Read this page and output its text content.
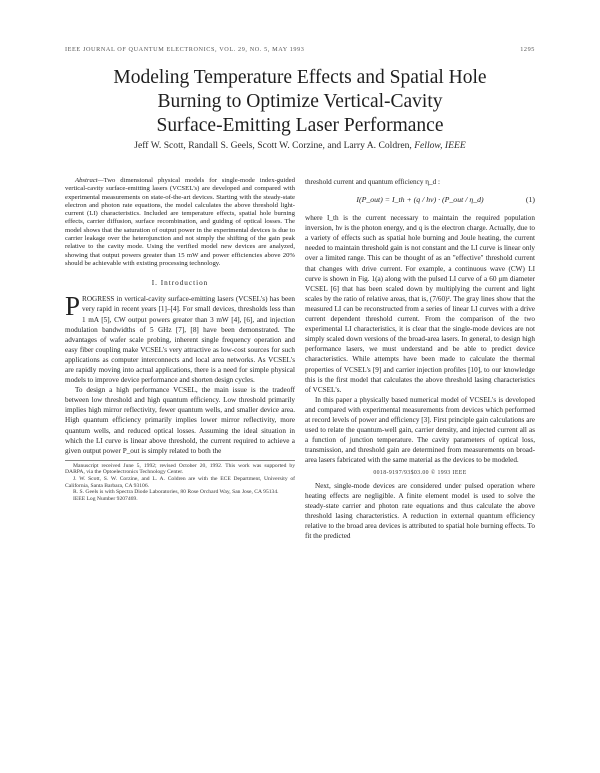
IEEE JOURNAL OF QUANTUM ELECTRONICS, VOL. 29, NO. 5, MAY 1993	1295
Modeling Temperature Effects and Spatial Hole
Burning to Optimize Vertical-Cavity
Surface-Emitting Laser Performance
Jeff W. Scott, Randall S. Geels, Scott W. Corzine, and Larry A. Coldren, Fellow, IEEE

Abstract—Two dimensional physical models for single-mode index-guided vertical-cavity surface-emitting lasers (VCSEL's) are developed and compared with experimental measurements on state-of-the-art devices. Starting with the steady-state electron and photon rate equations, the model calculates the above threshold light-current (LI) characteristics. Included are temperature effects, spatial hole burning effects, carrier diffusion, surface recombination, and guiding of optical losses. The model shows that the saturation of output power in the experimental devices is due to carrier leakage over the heterojunction and not simply the shifting of the gain peak relative to the cavity mode. Using the verified model new devices are analyzed, showing that output powers greater than 15 mW and power efficiencies above 20% should be achievable with existing processing technology.

I. Introduction

PROGRESS in vertical-cavity surface-emitting lasers (VCSEL's) has been very rapid in recent years [1]–[4]. For small devices, thresholds less than 1 mA [5], CW output powers greater than 3 mW [4], [6], and injection modulation bandwidths of 5 GHz [7], [8] have been demonstrated. The advantages of wafer scale probing, inherent single frequency operation and easy fiber coupling make VCSEL's very attractive as low-cost sources for such applications as computer interconnects and local area networks. As VCSEL's are rapidly moving into actual applications, there is a need for simple physical models to improve device performance and shorten design cycles.

To design a high performance VCSEL, the main issue is the tradeoff between low threshold and high quantum efficiency. Low threshold primarily implies high mirror reflectivity, fewer quantum wells, and smaller device area. High quantum efficiency primarily implies lower mirror reflectivity, more quantum wells, and reduced optical losses. Assuming the ideal situation in which the LI curve is linear above threshold, the current required to achieve a given output power P_out is simply related to both the

Manuscript received June 5, 1992; revised October 20, 1992. This work was supported by DARPA, via the Optoelectronics Technology Center.
J. W. Scott, S. W. Corzine, and L. A. Coldren are with the ECE Department, University of California, Santa Barbara, CA 93106.
R. S. Geels is with Spectra Diode Laboratories, 80 Rose Orchard Way, San Jose, CA 95134.
IEEE Log Number 9207469.

threshold current and quantum efficiency η_d :

I(P_out) = I_th + (q / hν) · (P_out / η_d)	(1)

where I_th is the current necessary to maintain the required population inversion, hν is the photon energy, and q is the electron charge. Actually, due to a variety of effects such as spatial hole burning and Joule heating, the current needed to maintain threshold gain is not constant and the LI curve is linear only over a limited range. This can be thought of as an "effective" threshold current that changes with drive current. For example, a continuous wave (CW) LI curve is shown in Fig. 1(a) along with the pulsed LI curve of a 60 μm diameter VCSEL [6] that has been scaled down by multiplying the current and light scales by the ratio of relative areas, that is, (7/60)². The gray lines show that the measured LI can be reconstructed from a series of linear LI curves with a drive current dependent threshold current. From the comparison of the two experimental LI characteristics, it is clear that the single-mode devices are not simply scaled down versions of the broad-area lasers. In general, to design high performance lasers, we must understand and be able to predict device characteristics. While attempts have been made to calculate the thermal properties of VCSEL's [9] and carrier injection profiles [10], to our knowledge this is the first model that calculates the above threshold lasing characteristics of VCSEL's.

In this paper a physically based numerical model of VCSEL's is developed and compared with experimental measurements from devices which performed at record levels of power and efficiency [3]. First principle gain calculations are used to relate the quantum-well gain, carrier density, and injected current all as a function of junction temperature. The cavity parameters of optical loss, transmission, and threshold gain are determined from measurements on broad-area lasers fabricated with the same material as the devices to be modeled.

0018-9197/93$03.00 © 1993 IEEE

Next, single-mode devices are considered under pulsed operation where heating effects are negligible. A finite element model is used to solve the steady-state carrier and photon rate equations and thus calculate the above threshold lasing characteristics. A reduction in external quantum efficiency relative to the broad area devices is attributed to spatial hole burning effects. To fit the predicted
